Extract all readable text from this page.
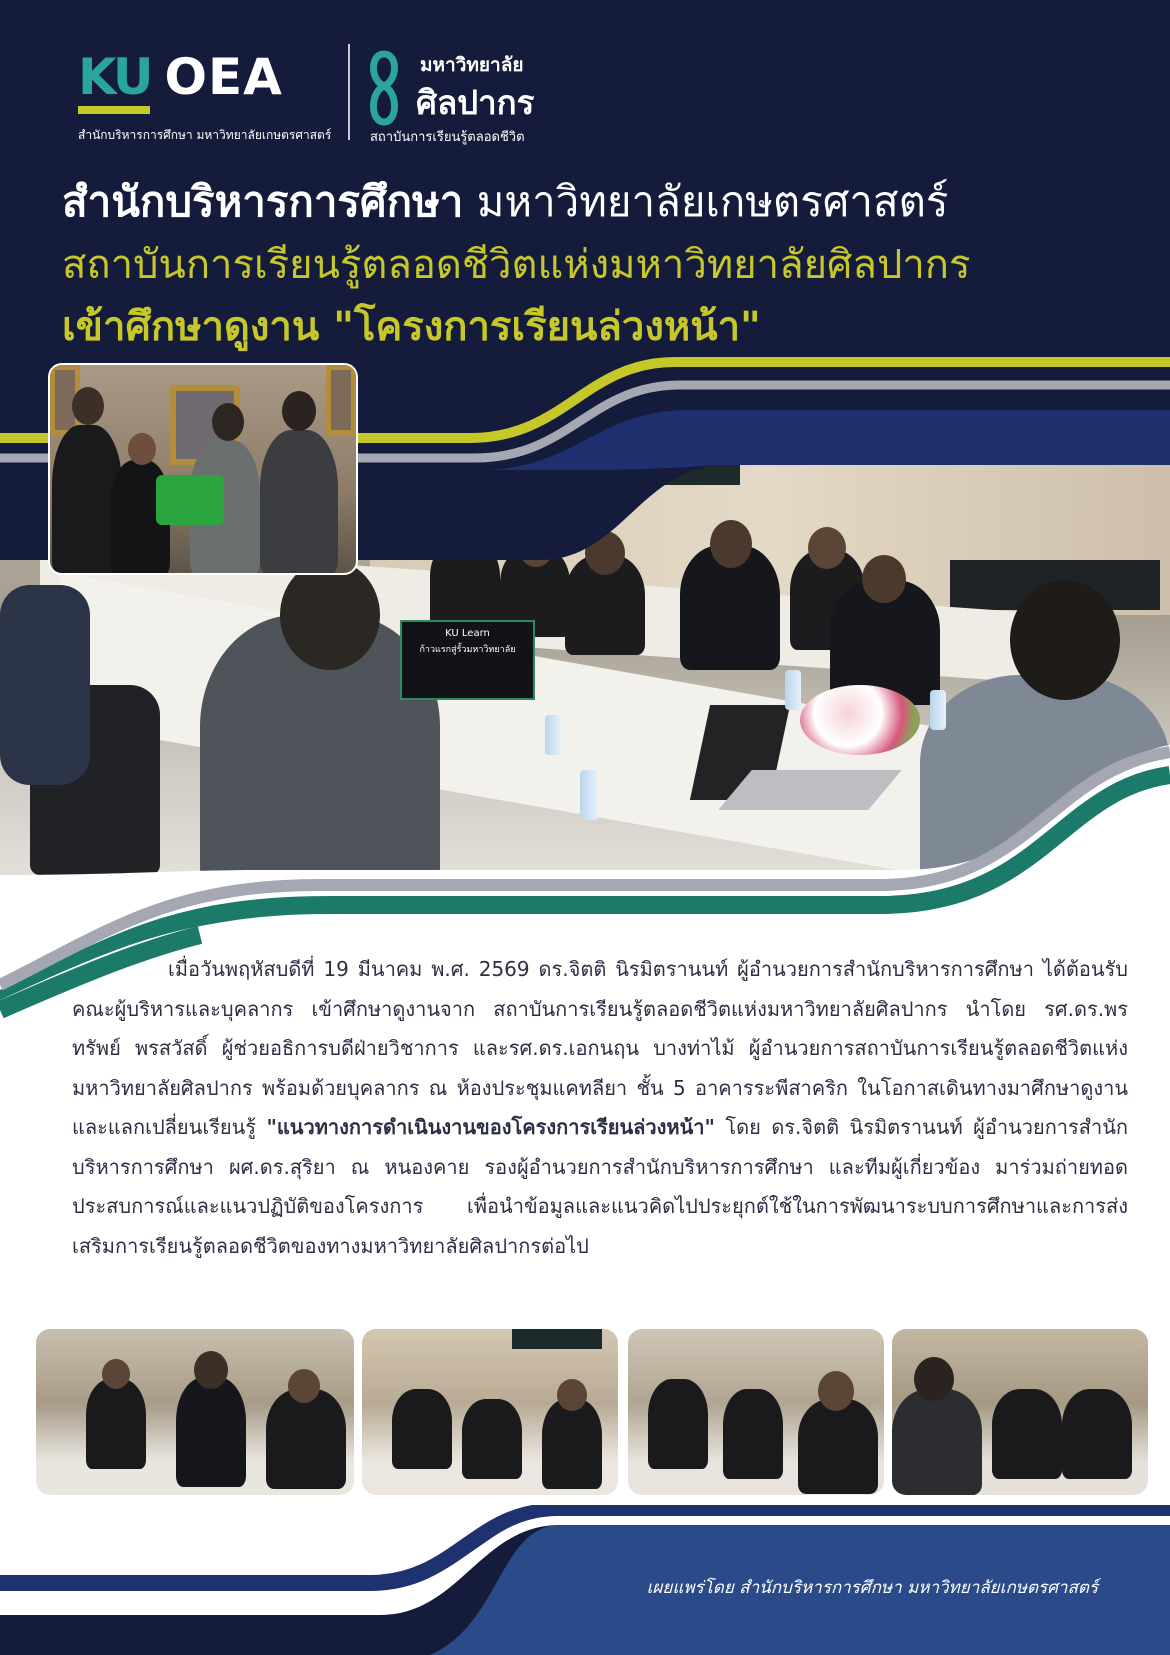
KU Learn
ก้าวแรกสู่รั้วมหาวิทยาลัย
KU OEA
สำนักบริหารการศึกษา มหาวิทยาลัยเกษตรศาสตร์
มหาวิทยาลัย
ศิลปากร
สถาบันการเรียนรู้ตลอดชีวิต
สำนักบริหารการศึกษา มหาวิทยาลัยเกษตรศาสตร์
สถาบันการเรียนรู้ตลอดชีวิตแห่งมหาวิทยาลัยศิลปากร
เข้าศึกษาดูงาน "โครงการเรียนล่วงหน้า"
เมื่อวันพฤหัสบดีที่ 19 มีนาคม พ.ศ. 2569 ดร.จิตติ นิรมิตรานนท์ ผู้อำนวยการสำนักบริหารการศึกษา ได้ต้อนรับคณะผู้บริหารและบุคลากร เข้าศึกษาดูงานจาก สถาบันการเรียนรู้ตลอดชีวิตแห่งมหาวิทยาลัยศิลปากร นำโดย รศ.ดร.พรทรัพย์ พรสวัสดิ์ ผู้ช่วยอธิการบดีฝ่ายวิชาการ และรศ.ดร.เอกนฤน บางท่าไม้ ผู้อำนวยการสถาบันการเรียนรู้ตลอดชีวิตแห่งมหาวิทยาลัยศิลปากร พร้อมด้วยบุคลากร ณ ห้องประชุมแคทลียา ชั้น 5 อาคารระพีสาคริก ในโอกาสเดินทางมาศึกษาดูงานและแลกเปลี่ยนเรียนรู้ "แนวทางการดำเนินงานของโครงการเรียนล่วงหน้า" โดย ดร.จิตติ นิรมิตรานนท์ ผู้อำนวยการสำนักบริหารการศึกษา ผศ.ดร.สุริยา ณ หนองคาย รองผู้อำนวยการสำนักบริหารการศึกษา และทีมผู้เกี่ยวข้อง มาร่วมถ่ายทอดประสบการณ์และแนวปฏิบัติของโครงการ เพื่อนำข้อมูลและแนวคิดไปประยุกต์ใช้ในการพัฒนาระบบการศึกษาและการส่งเสริมการเรียนรู้ตลอดชีวิตของทางมหาวิทยาลัยศิลปากรต่อไป
เผยแพร่โดย สำนักบริหารการศึกษา มหาวิทยาลัยเกษตรศาสตร์
